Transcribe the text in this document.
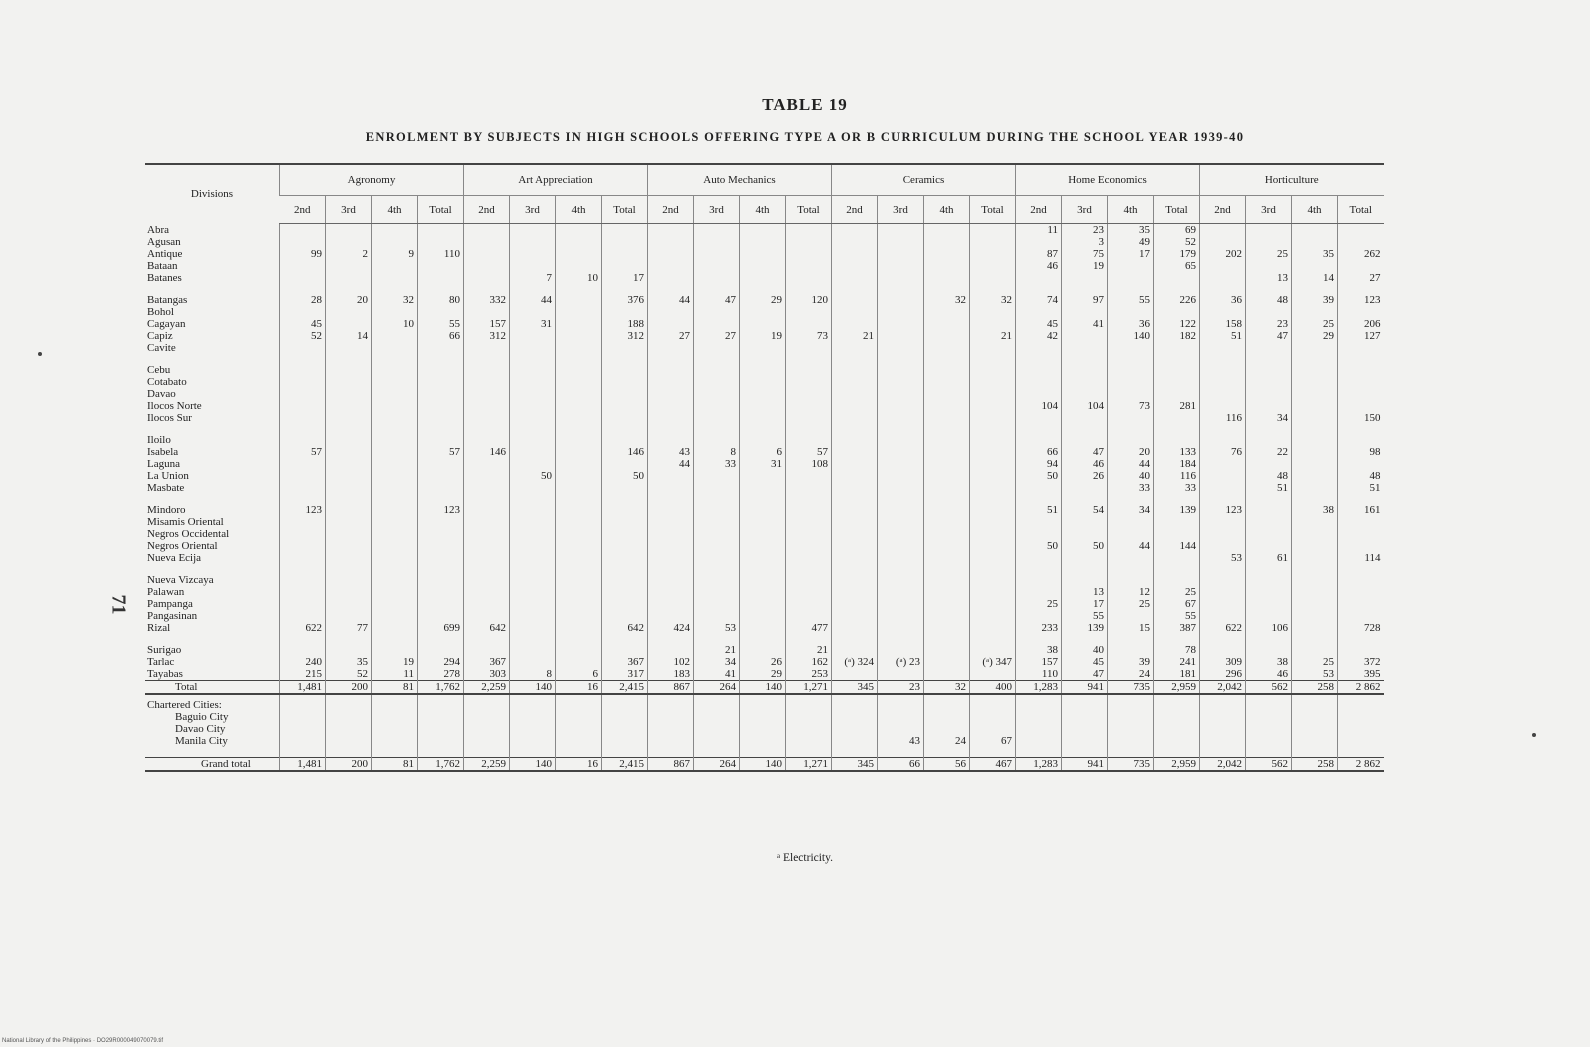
71
TABLE 19
ENROLMENT BY SUBJECTS IN HIGH SCHOOLS OFFERING TYPE A OR B CURRICULUM DURING THE SCHOOL YEAR 1939-40
Divisions	Agronomy				Art Appreciation				Auto Mechanics				Ceramics				Home Economics				Horticulture			
	2nd	3rd	4th	Total	2nd	3rd	4th	Total	2nd	3rd	4th	Total	2nd	3rd	4th	Total	2nd	3rd	4th	Total	2nd	3rd	4th	Total
Abra																	11	23	35	69				
Agusan																		3	49	52				
Antique	99	2	9	110													87	75	17	179	202	25	35	262
Bataan																	46	19		65				
Batanes						7	10	17														13	14	27

Batangas	28	20	32	80	332	44		376	44	47	29	120			32	32	74	97	55	226	36	48	39	123
Bohol																								
Cagayan	45		10	55	157	31		188									45	41	36	122	158	23	25	206
Capiz	52	14		66	312			312	27	27	19	73	21			21	42		140	182	51	47	29	127
Cavite																								

Cebu																								
Cotabato																								
Davao																								
Ilocos Norte																	104	104	73	281				
Ilocos Sur																					116	34		150

Iloilo																								
Isabela	57			57	146			146	43	8	6	57					66	47	20	133	76	22		98
Laguna									44	33	31	108					94	46	44	184				
La Union						50		50									50	26	40	116		48		48
Masbate																			33	33		51		51

Mindoro	123			123													51	54	34	139	123		38	161
Misamis Oriental																								
Negros Occidental																								
Negros Oriental																	50	50	44	144				
Nueva Ecija																					53	61		114

Nueva Vizcaya																								
Palawan																		13	12	25				
Pampanga																	25	17	25	67				
Pangasinan																		55		55				
Rizal	622	77		699	642			642	424	53		477					233	139	15	387	622	106		728

Surigao										21		21					38	40		78				
Tarlac	240	35	19	294	367			367	102	34	26	162	(ᵃ) 324	(ᵃ) 23		(ᵃ) 347	157	45	39	241	309	38	25	372
Tayabas	215	52	11	278	303	8	6	317	183	41	29	253					110	47	24	181	296	46	53	395
Total	1,481	200	81	1,762	2,259	140	16	2,415	867	264	140	1,271	345	23	32	400	1,283	941	735	2,959	2,042	562	258	2 862
Chartered Cities:																								
Baguio City																								
Davao City																								
Manila City														43	24	67								

Grand total	1,481	200	81	1,762	2,259	140	16	2,415	867	264	140	1,271	345	66	56	467	1,283	941	735	2,959	2,042	562	258	2 862
ᵃ Electricity.
National Library of the Philippines · DO29R000049070079.tif
